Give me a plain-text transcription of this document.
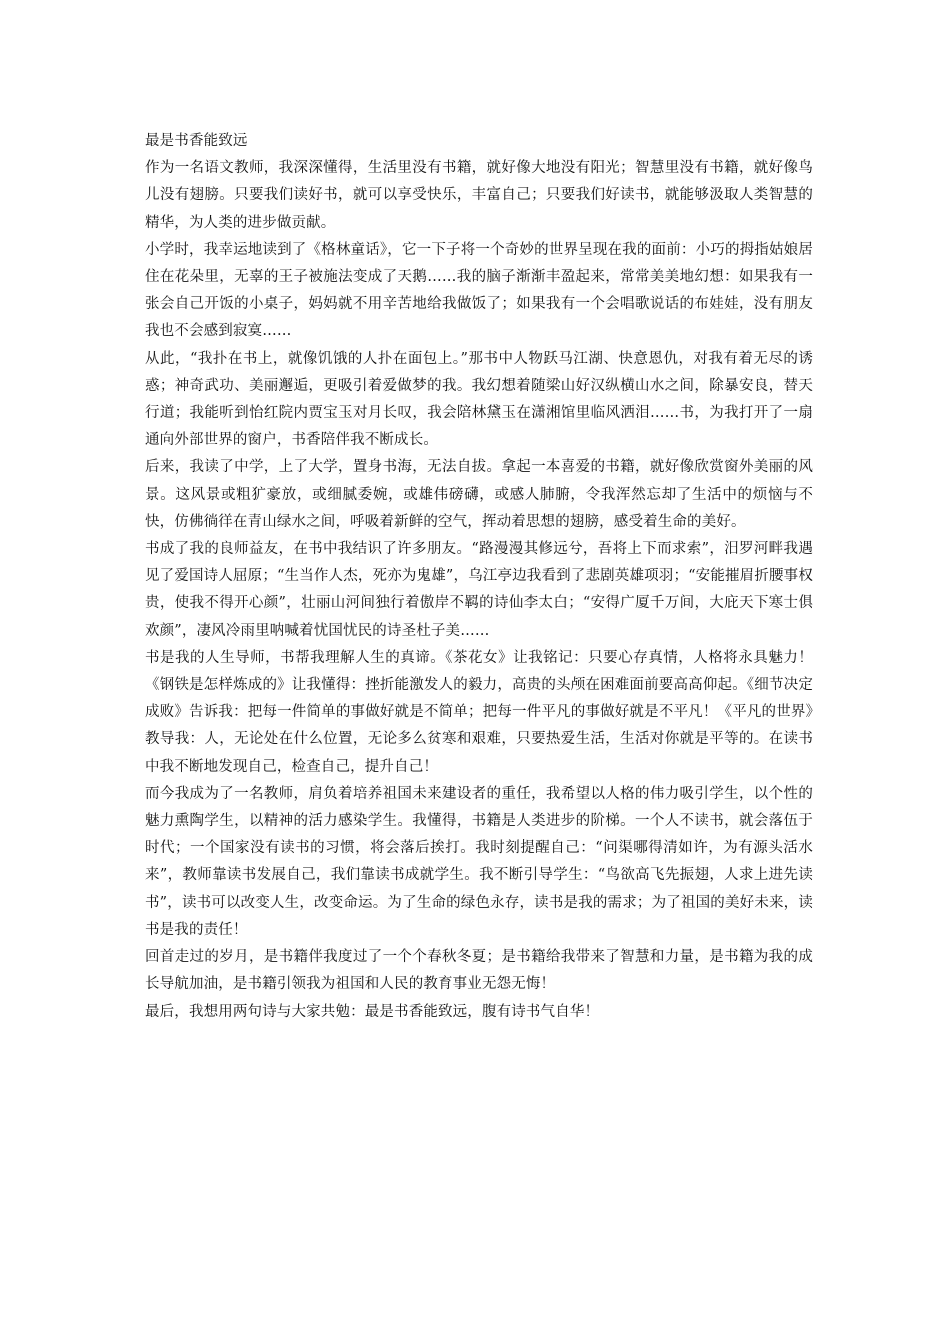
最是书香能致远

作为一名语文教师，我深深懂得，生活里没有书籍，就好像大地没有阳光；智慧里没有书籍，就好像鸟儿没有翅膀。只要我们读好书，就可以享受快乐，丰富自己；只要我们好读书，就能够汲取人类智慧的精华，为人类的进步做贡献。

小学时，我幸运地读到了《格林童话》，它一下子将一个奇妙的世界呈现在我的面前：小巧的拇指姑娘居住在花朵里，无辜的王子被施法变成了天鹅……我的脑子渐渐丰盈起来，常常美美地幻想：如果我有一张会自己开饭的小桌子，妈妈就不用辛苦地给我做饭了；如果我有一个会唱歌说话的布娃娃，没有朋友我也不会感到寂寞……

从此，“我扑在书上，就像饥饿的人扑在面包上。”那书中人物跃马江湖、快意恩仇，对我有着无尽的诱惑；神奇武功、美丽邂逅，更吸引着爱做梦的我。我幻想着随梁山好汉纵横山水之间，除暴安良，替天行道；我能听到怡红院内贾宝玉对月长叹，我会陪林黛玉在潇湘馆里临风洒泪……书，为我打开了一扇通向外部世界的窗户，书香陪伴我不断成长。

后来，我读了中学，上了大学，置身书海，无法自拔。拿起一本喜爱的书籍，就好像欣赏窗外美丽的风景。这风景或粗犷豪放，或细腻委婉，或雄伟磅礴，或感人肺腑，令我浑然忘却了生活中的烦恼与不快，仿佛徜徉在青山绿水之间，呼吸着新鲜的空气，挥动着思想的翅膀，感受着生命的美好。

书成了我的良师益友，在书中我结识了许多朋友。“路漫漫其修远兮，吾将上下而求索”，汨罗河畔我遇见了爱国诗人屈原；“生当作人杰，死亦为鬼雄”，乌江亭边我看到了悲剧英雄项羽；“安能摧眉折腰事权贵，使我不得开心颜”，壮丽山河间独行着傲岸不羁的诗仙李太白；“安得广厦千万间，大庇天下寒士俱欢颜”，凄风冷雨里呐喊着忧国忧民的诗圣杜子美……

书是我的人生导师，书帮我理解人生的真谛。《茶花女》让我铭记：只要心存真情，人格将永具魅力！《钢铁是怎样炼成的》让我懂得：挫折能激发人的毅力，高贵的头颅在困难面前要高高仰起。《细节决定成败》告诉我：把每一件简单的事做好就是不简单；把每一件平凡的事做好就是不平凡！《平凡的世界》教导我：人，无论处在什么位置，无论多么贫寒和艰难，只要热爱生活，生活对你就是平等的。在读书中我不断地发现自己，检查自己，提升自己！

而今我成为了一名教师，肩负着培养祖国未来建设者的重任，我希望以人格的伟力吸引学生，以个性的魅力熏陶学生，以精神的活力感染学生。我懂得，书籍是人类进步的阶梯。一个人不读书，就会落伍于时代；一个国家没有读书的习惯，将会落后挨打。我时刻提醒自己：“问渠哪得清如许，为有源头活水来”，教师靠读书发展自己，我们靠读书成就学生。我不断引导学生：“鸟欲高飞先振翅，人求上进先读书”，读书可以改变人生，改变命运。为了生命的绿色永存，读书是我的需求；为了祖国的美好未来，读书是我的责任！

回首走过的岁月，是书籍伴我度过了一个个春秋冬夏；是书籍给我带来了智慧和力量，是书籍为我的成长导航加油，是书籍引领我为祖国和人民的教育事业无怨无悔！

最后，我想用两句诗与大家共勉：最是书香能致远，腹有诗书气自华！
